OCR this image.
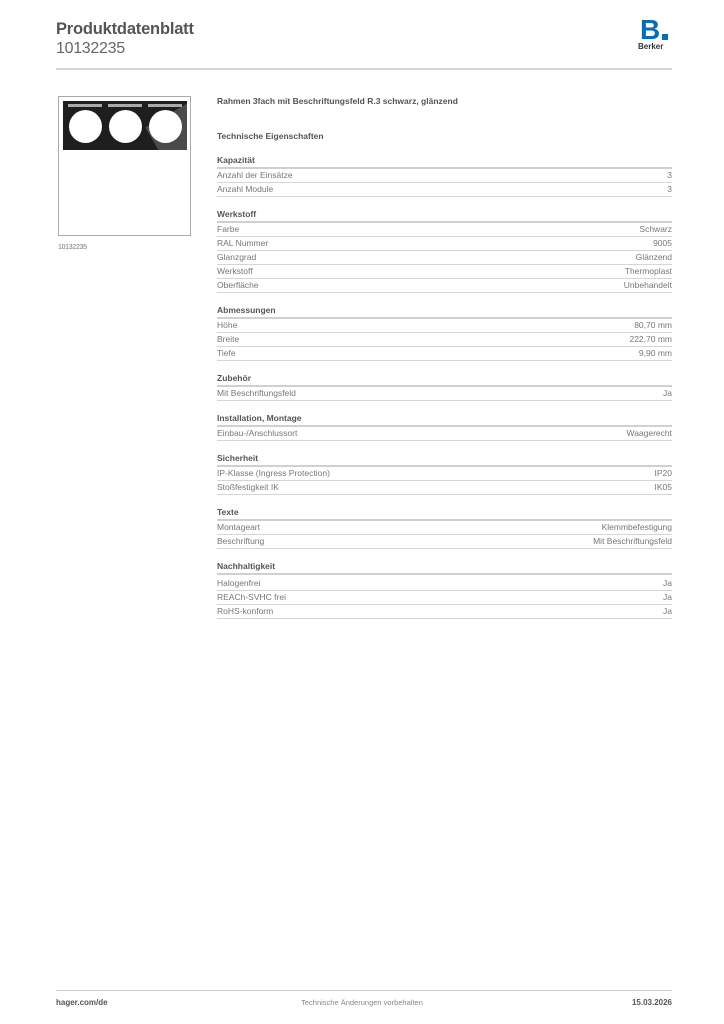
Produktdatenblatt
10132235
B
Berker
10132235
Rahmen 3fach mit Beschriftungsfeld R.3 schwarz, glänzend
Technische Eigenschaften
Kapazität
Anzahl der Einsätze	3
Anzahl Module	3
Werkstoff
Farbe	Schwarz
RAL Nummer	9005
Glanzgrad	Glänzend
Werkstoff	Thermoplast
Oberfläche	Unbehandelt
Abmessungen
Höhe	80,70 mm
Breite	222,70 mm
Tiefe	9,90 mm
Zubehör
Mit Beschriftungsfeld	Ja
Installation, Montage
Einbau-/Anschlussort	Waagerecht
Sicherheit
IP-Klasse (Ingress Protection)	IP20
Stoßfestigkeit IK	IK05
Texte
Montageart	Klemmbefestigung
Beschriftung	Mit Beschriftungsfeld
Nachhaltigkeit
Halogenfrei	Ja
REACh-SVHC frei	Ja
RoHS-konform	Ja
hager.com/de	Technische Änderungen vorbehalten	15.03.2026
